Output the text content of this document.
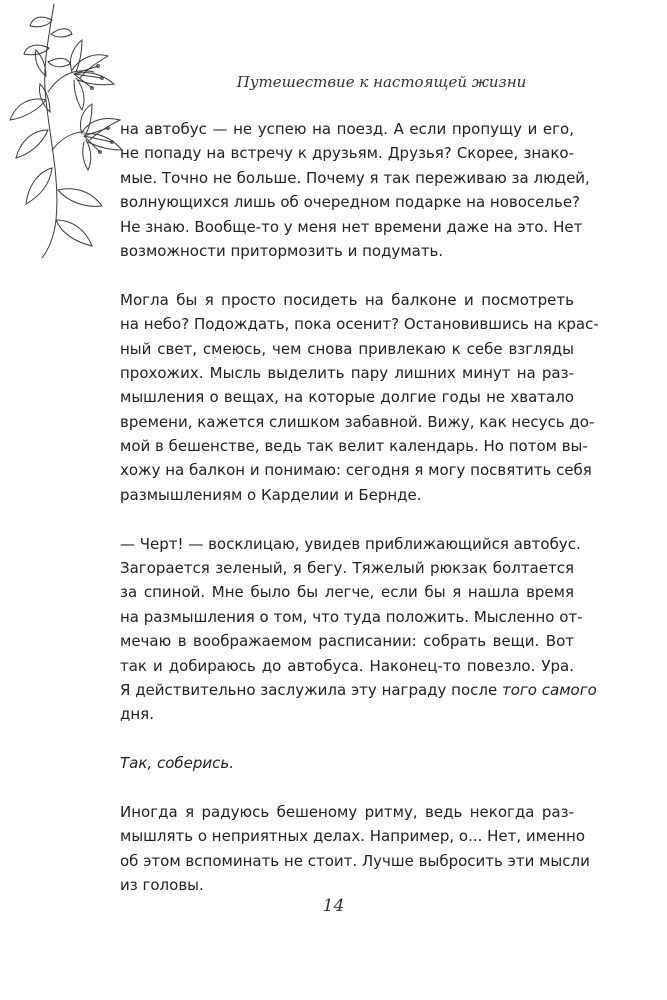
Путешествие к настоящей жизни
на автобус — не успею на поезд. А если пропущу и его,
не попаду на встречу к друзьям. Друзья? Скорее, знако-
мые. Точно не больше. Почему я так переживаю за людей,
волнующихся лишь об очередном подарке на новоселье?
Не знаю. Вообще-то у меня нет времени даже на это. Нет
возможности притормозить и подумать.
Могла бы я просто посидеть на балконе и посмотреть
на небо? Подождать, пока осенит? Остановившись на крас-
ный свет, смеюсь, чем снова привлекаю к себе взгляды
прохожих. Мысль выделить пару лишних минут на раз-
мышления о вещах, на которые долгие годы не хватало
времени, кажется слишком забавной. Вижу, как несусь до-
мой в бешенстве, ведь так велит календарь. Но потом вы-
хожу на балкон и понимаю: сегодня я могу посвятить себя
размышлениям о Карделии и Бернде.
— Черт! — восклицаю, увидев приближающийся автобус.
Загорается зеленый, я бегу. Тяжелый рюкзак болтается
за спиной. Мне было бы легче, если бы я нашла время
на размышления о том, что туда положить. Мысленно от-
мечаю в воображаемом расписании: собрать вещи. Вот
так и добираюсь до автобуса. Наконец-то повезло. Ура.
Я действительно заслужила эту награду после того самого
дня.
Так, соберись.
Иногда я радуюсь бешеному ритму, ведь некогда раз-
мышлять о неприятных делах. Например, о... Нет, именно
об этом вспоминать не стоит. Лучше выбросить эти мысли
из головы.
14
